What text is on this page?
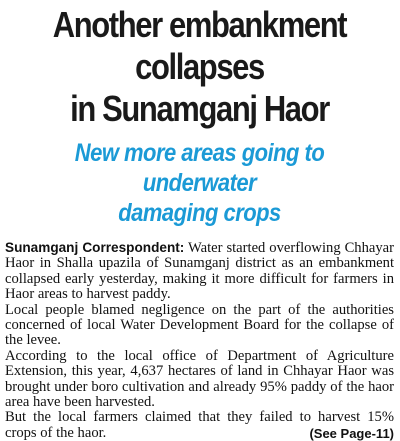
Another embankment collapses
in Sunamganj Haor
New more areas going to underwater
damaging crops

Sunamganj Correspondent: Water started overflowing Chhayar Haor in Shalla upazila of Sunamganj district as an embankment collapsed early yesterday, making it more difficult for farmers in Haor areas to harvest paddy.

Local people blamed negligence on the part of the authorities concerned of local Water Development Board for the collapse of the levee.

According to the local office of Department of Agriculture Extension, this year, 4,637 hectares of land in Chhayar Haor was brought under boro cultivation and already 95% paddy of the haor area have been harvested.

But the local farmers claimed that they failed to harvest 15% crops of the haor.	(See Page-11)
